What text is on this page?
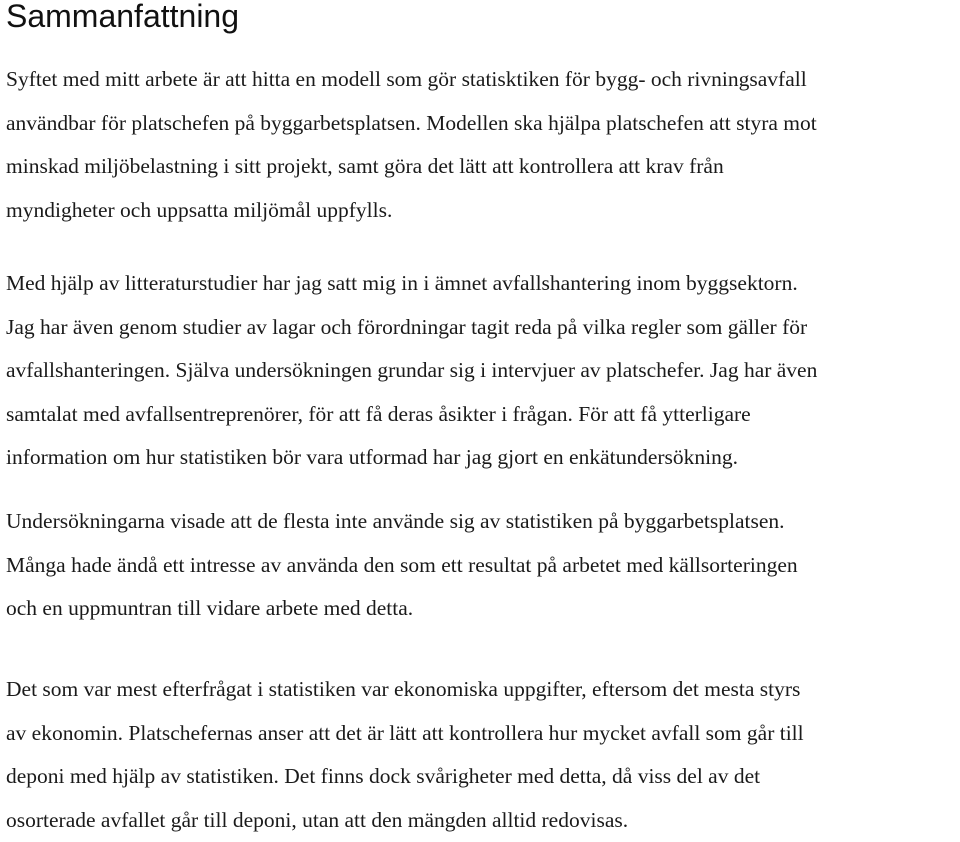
Sammanfattning

Syftet med mitt arbete är att hitta en modell som gör statisktiken för bygg- och rivningsavfall
användbar för platschefen på byggarbetsplatsen. Modellen ska hjälpa platschefen att styra mot
minskad miljöbelastning i sitt projekt, samt göra det lätt att kontrollera att krav från
myndigheter och uppsatta miljömål uppfylls.

Med hjälp av litteraturstudier har jag satt mig in i ämnet avfallshantering inom byggsektorn.
Jag har även genom studier av lagar och förordningar tagit reda på vilka regler som gäller för
avfallshanteringen. Själva undersökningen grundar sig i intervjuer av platschefer. Jag har även
samtalat med avfallsentreprenörer, för att få deras åsikter i frågan. För att få ytterligare
information om hur statistiken bör vara utformad har jag gjort en enkätundersökning.

Undersökningarna visade att de flesta inte använde sig av statistiken på byggarbetsplatsen.
Många hade ändå ett intresse av använda den som ett resultat på arbetet med källsorteringen
och en uppmuntran till vidare arbete med detta.

Det som var mest efterfrågat i statistiken var ekonomiska uppgifter, eftersom det mesta styrs
av ekonomin. Platschefernas anser att det är lätt att kontrollera hur mycket avfall som går till
deponi med hjälp av statistiken. Det finns dock svårigheter med detta, då viss del av det
osorterade avfallet går till deponi, utan att den mängden alltid redovisas.
